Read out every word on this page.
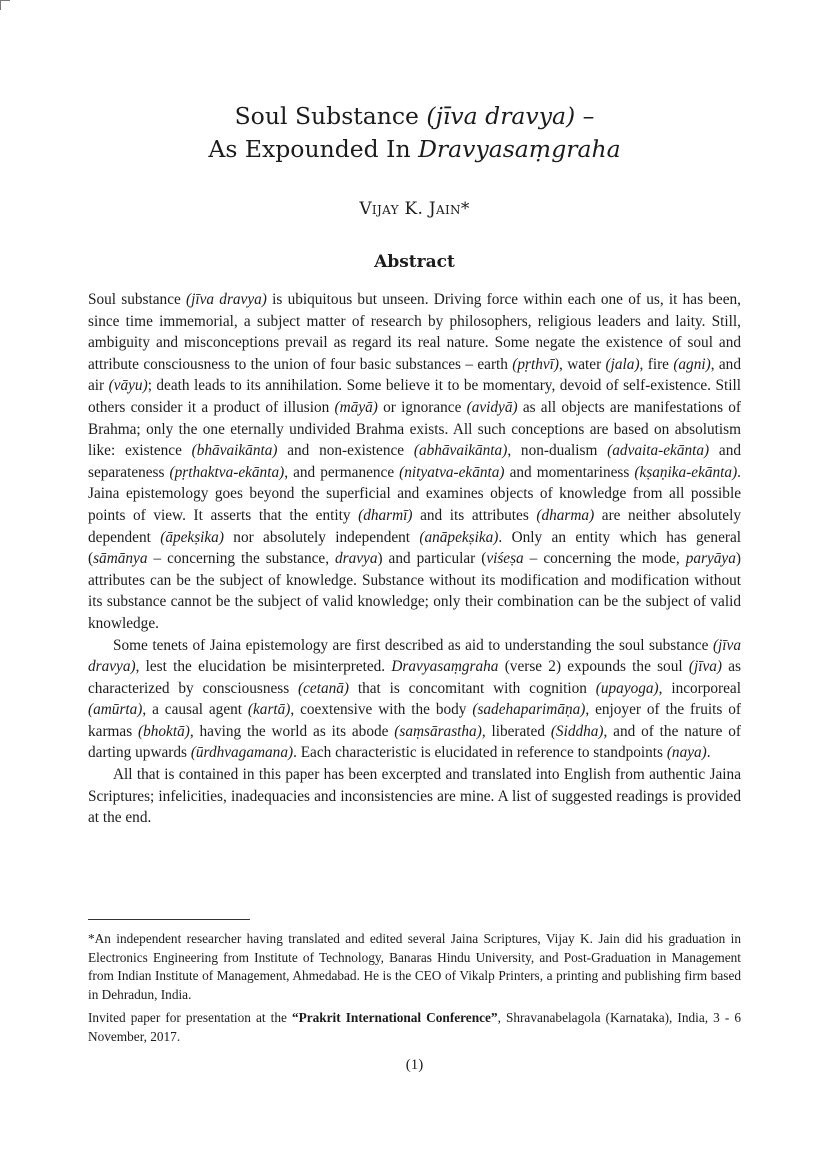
Soul Substance (jīva dravya) –
As Expounded In Dravyasaṃgraha
Vijay K. Jain*
Abstract

Soul substance (jīva dravya) is ubiquitous but unseen. Driving force within each one of us, it has been, since time immemorial, a subject matter of research by philosophers, religious leaders and laity. Still, ambiguity and misconceptions prevail as regard its real nature. Some negate the existence of soul and attribute consciousness to the union of four basic substances – earth (pṛthvī), water (jala), fire (agni), and air (vāyu); death leads to its annihilation. Some believe it to be momentary, devoid of self-existence. Still others consider it a product of illusion (māyā) or ignorance (avidyā) as all objects are manifestations of Brahma; only the one eternally undivided Brahma exists. All such conceptions are based on absolutism like: existence (bhāvaikānta) and non-existence (abhāvaikānta), non-dualism (advaita-ekānta) and separateness (pṛthaktva-ekānta), and permanence (nityatva-ekānta) and momentariness (kṣaṇika-ekānta). Jaina epistemology goes beyond the superficial and examines objects of knowledge from all possible points of view. It asserts that the entity (dharmī) and its attributes (dharma) are neither absolutely dependent (āpekṣika) nor absolutely independent (anāpekṣika). Only an entity which has general (sāmānya – concerning the substance, dravya) and particular (viśeṣa – concerning the mode, paryāya) attributes can be the subject of knowledge. Substance without its modification and modification without its substance cannot be the subject of valid knowledge; only their combination can be the subject of valid knowledge.

Some tenets of Jaina epistemology are first described as aid to understanding the soul substance (jīva dravya), lest the elucidation be misinterpreted. Dravyasaṃgraha (verse 2) expounds the soul (jīva) as characterized by consciousness (cetanā) that is concomitant with cognition (upayoga), incorporeal (amūrta), a causal agent (kartā), coextensive with the body (sadehaparimāṇa), enjoyer of the fruits of karmas (bhoktā), having the world as its abode (saṃsārastha), liberated (Siddha), and of the nature of darting upwards (ūrdhvagamana). Each characteristic is elucidated in reference to standpoints (naya).

All that is contained in this paper has been excerpted and translated into English from authentic Jaina Scriptures; infelicities, inadequacies and inconsistencies are mine. A list of suggested readings is provided at the end.

*An independent researcher having translated and edited several Jaina Scriptures, Vijay K. Jain did his graduation in Electronics Engineering from Institute of Technology, Banaras Hindu University, and Post-Graduation in Management from Indian Institute of Management, Ahmedabad. He is the CEO of Vikalp Printers, a printing and publishing firm based in Dehradun, India.

Invited paper for presentation at the “Prakrit International Conference”, Shravanabelagola (Karnataka), India, 3 - 6 November, 2017.

(1)
